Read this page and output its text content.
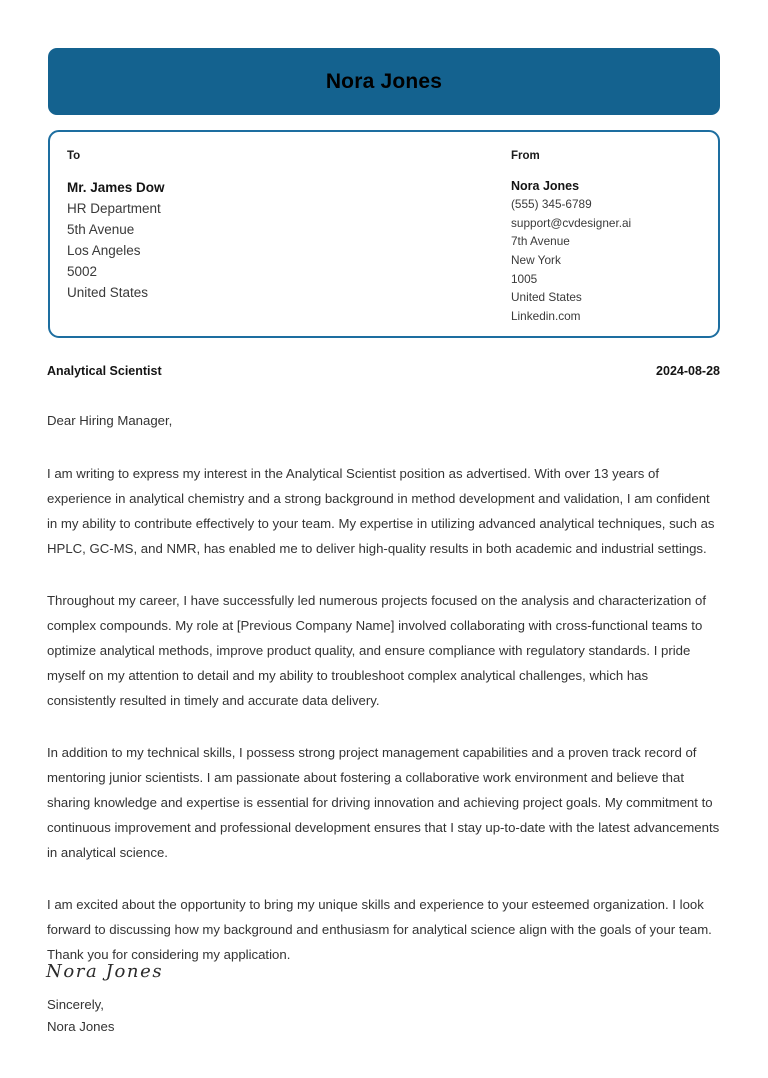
Nora Jones
To
Mr. James Dow
HR Department
5th Avenue
Los Angeles
5002
United States
From
Nora Jones
(555) 345-6789
support@cvdesigner.ai
7th Avenue
New York
1005
United States
Linkedin.com
Analytical Scientist	2024-08-28

Dear Hiring Manager,

I am writing to express my interest in the Analytical Scientist position as advertised. With over 13 years of experience in analytical chemistry and a strong background in method development and validation, I am confident in my ability to contribute effectively to your team. My expertise in utilizing advanced analytical techniques, such as HPLC, GC-MS, and NMR, has enabled me to deliver high-quality results in both academic and industrial settings.

Throughout my career, I have successfully led numerous projects focused on the analysis and characterization of complex compounds. My role at [Previous Company Name] involved collaborating with cross-functional teams to optimize analytical methods, improve product quality, and ensure compliance with regulatory standards. I pride myself on my attention to detail and my ability to troubleshoot complex analytical challenges, which has consistently resulted in timely and accurate data delivery.

In addition to my technical skills, I possess strong project management capabilities and a proven track record of mentoring junior scientists. I am passionate about fostering a collaborative work environment and believe that sharing knowledge and expertise is essential for driving innovation and achieving project goals. My commitment to continuous improvement and professional development ensures that I stay up-to-date with the latest advancements in analytical science.

I am excited about the opportunity to bring my unique skills and experience to your esteemed organization. I look forward to discussing how my background and enthusiasm for analytical science align with the goals of your team. Thank you for considering my application.

Sincerely,
Nora Jones

Nora Jones
